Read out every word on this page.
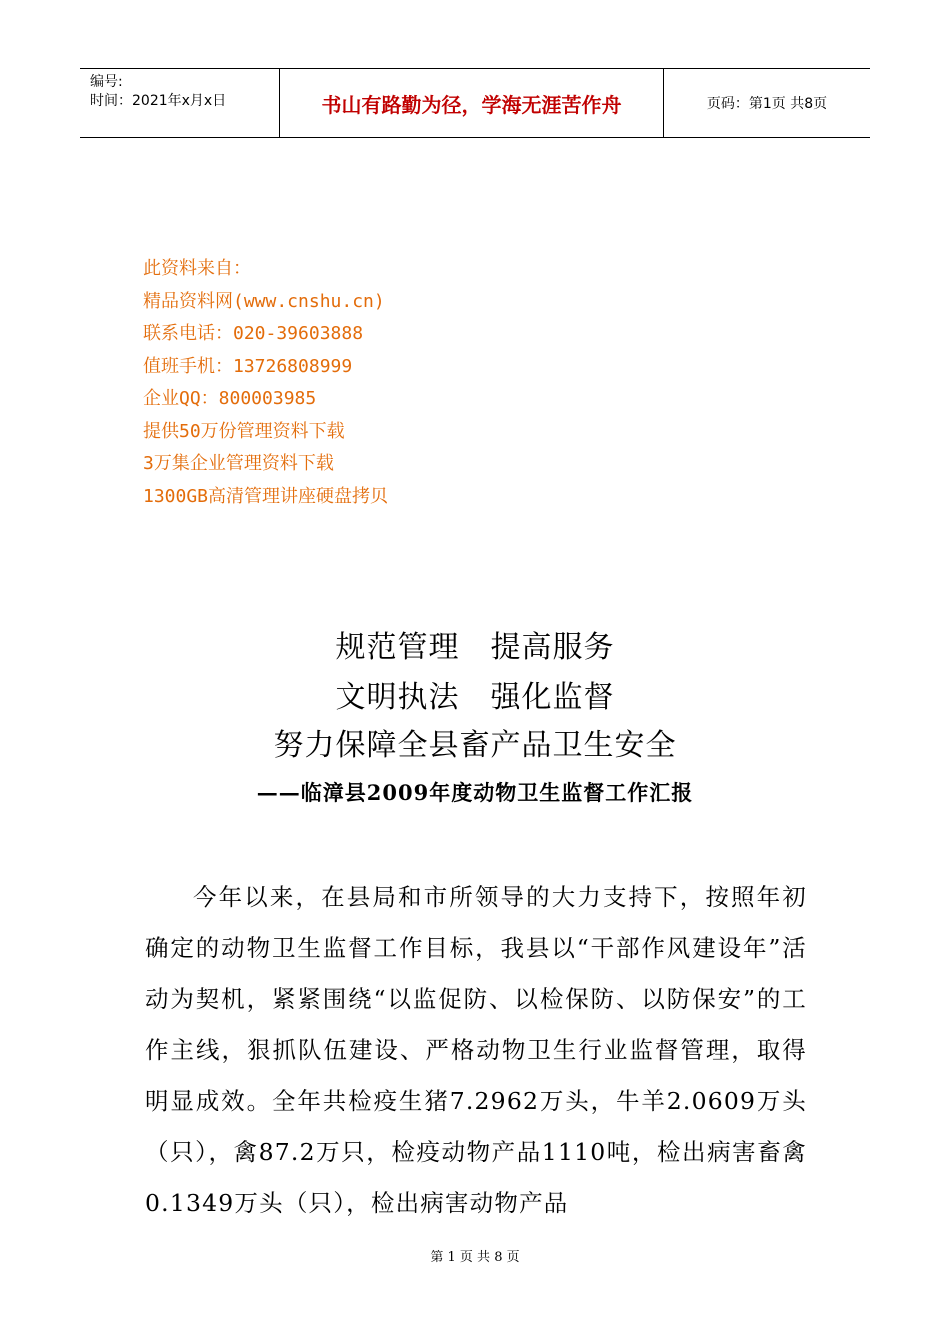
编号:
时间：2021年x月x日	书山有路勤为径，学海无涯苦作舟	页码：第1页 共8页
此资料来自：
精品资料网(www.cnshu.cn)
联系电话：020-39603888
值班手机：13726808999
企业QQ：800003985
提供50万份管理资料下载
3万集企业管理资料下载
1300GB高清管理讲座硬盘拷贝
规范管理　提高服务
文明执法　强化监督
努力保障全县畜产品卫生安全
——临漳县2009年度动物卫生监督工作汇报
今年以来，在县局和市所领导的大力支持下，按照年初确定的动物卫生监督工作目标，我县以“干部作风建设年”活动为契机，紧紧围绕“以监促防、以检保防、以防保安”的工作主线，狠抓队伍建设、严格动物卫生行业监督管理，取得明显成效。全年共检疫生猪7.2962万头，牛羊2.0609万头（只），禽87.2万只，检疫动物产品1110吨，检出病害畜禽0.1349万头（只），检出病害动物产品
第 1 页 共 8 页
